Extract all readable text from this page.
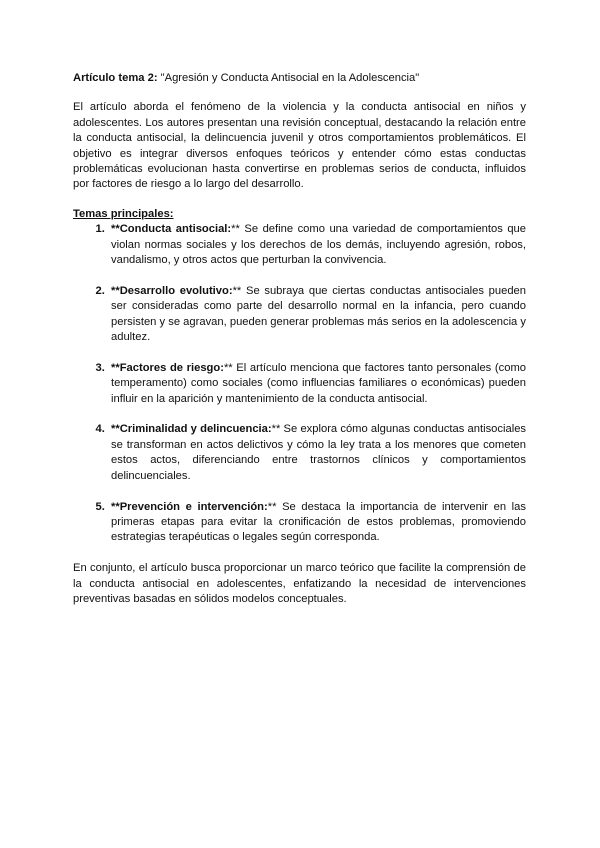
Artículo tema 2: "Agresión y Conducta Antisocial en la Adolescencia"

El artículo aborda el fenómeno de la violencia y la conducta antisocial en niños y adolescentes. Los autores presentan una revisión conceptual, destacando la relación entre la conducta antisocial, la delincuencia juvenil y otros comportamientos problemáticos. El objetivo es integrar diversos enfoques teóricos y entender cómo estas conductas problemáticas evolucionan hasta convertirse en problemas serios de conducta, influidos por factores de riesgo a lo largo del desarrollo.

Temas principales:
1. **Conducta antisocial:** Se define como una variedad de comportamientos que violan normas sociales y los derechos de los demás, incluyendo agresión, robos, vandalismo, y otros actos que perturban la convivencia.
2. **Desarrollo evolutivo:** Se subraya que ciertas conductas antisociales pueden ser consideradas como parte del desarrollo normal en la infancia, pero cuando persisten y se agravan, pueden generar problemas más serios en la adolescencia y adultez.
3. **Factores de riesgo:** El artículo menciona que factores tanto personales (como temperamento) como sociales (como influencias familiares o económicas) pueden influir en la aparición y mantenimiento de la conducta antisocial.
4. **Criminalidad y delincuencia:** Se explora cómo algunas conductas antisociales se transforman en actos delictivos y cómo la ley trata a los menores que cometen estos actos, diferenciando entre trastornos clínicos y comportamientos delincuenciales.
5. **Prevención e intervención:** Se destaca la importancia de intervenir en las primeras etapas para evitar la cronificación de estos problemas, promoviendo estrategias terapéuticas o legales según corresponda.

En conjunto, el artículo busca proporcionar un marco teórico que facilite la comprensión de la conducta antisocial en adolescentes, enfatizando la necesidad de intervenciones preventivas basadas en sólidos modelos conceptuales.
